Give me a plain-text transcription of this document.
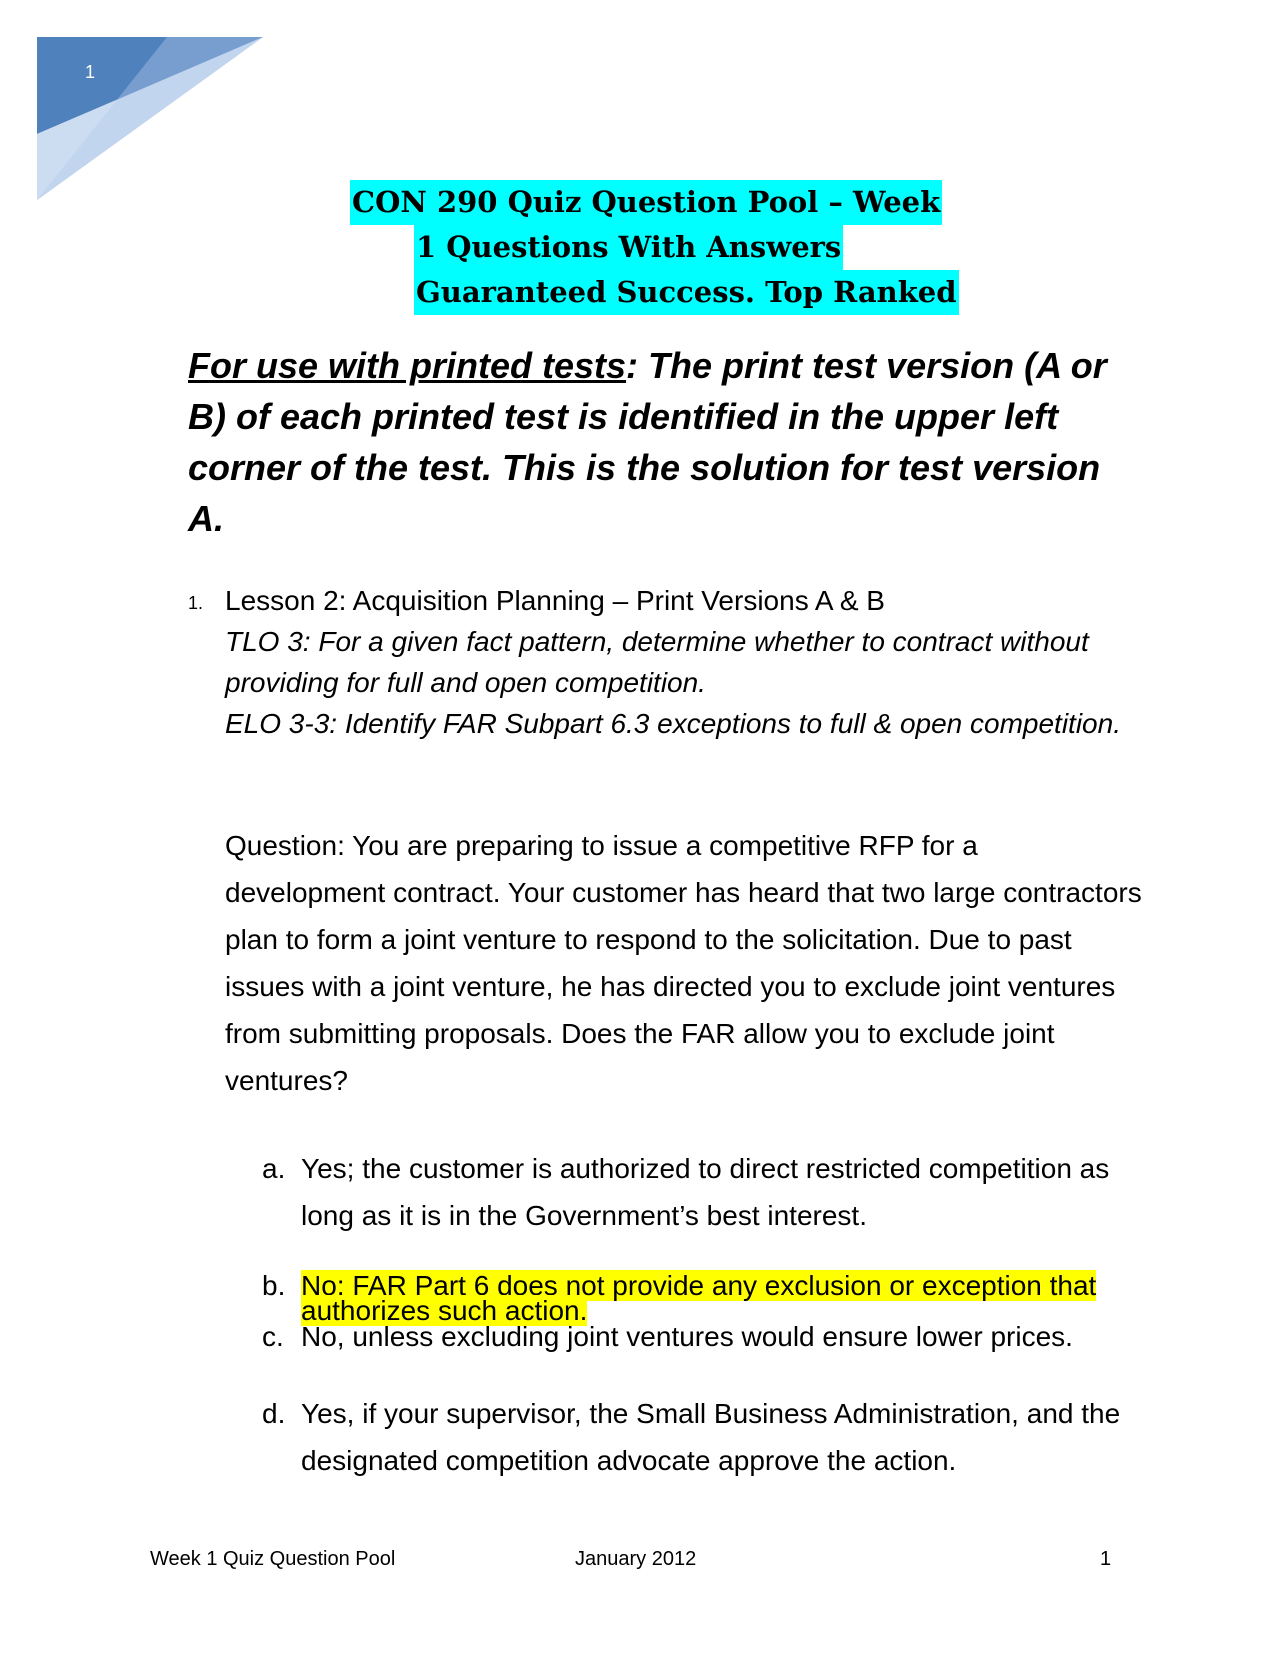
1
CON 290 Quiz Question Pool – Week
1 Questions With Answers
Guaranteed Success. Top Ranked
For use with printed tests: The print test version (A or B) of each printed test is identified in the upper left corner of the test. This is the solution for test version A.
1. Lesson 2: Acquisition Planning – Print Versions A & B
TLO 3: For a given fact pattern, determine whether to contract without providing for full and open competition.
ELO 3-3: Identify FAR Subpart 6.3 exceptions to full & open competition.
Question: You are preparing to issue a competitive RFP for a development contract. Your customer has heard that two large contractors plan to form a joint venture to respond to the solicitation. Due to past issues with a joint venture, he has directed you to exclude joint ventures from submitting proposals. Does the FAR allow you to exclude joint ventures?
a. Yes; the customer is authorized to direct restricted competition as long as it is in the Government’s best interest.
b. No; FAR Part 6 does not provide any exclusion or exception that authorizes such action.
c. No, unless excluding joint ventures would ensure lower prices.
d. Yes, if your supervisor, the Small Business Administration, and the designated competition advocate approve the action.
Week 1 Quiz Question Pool	January 2012	1
